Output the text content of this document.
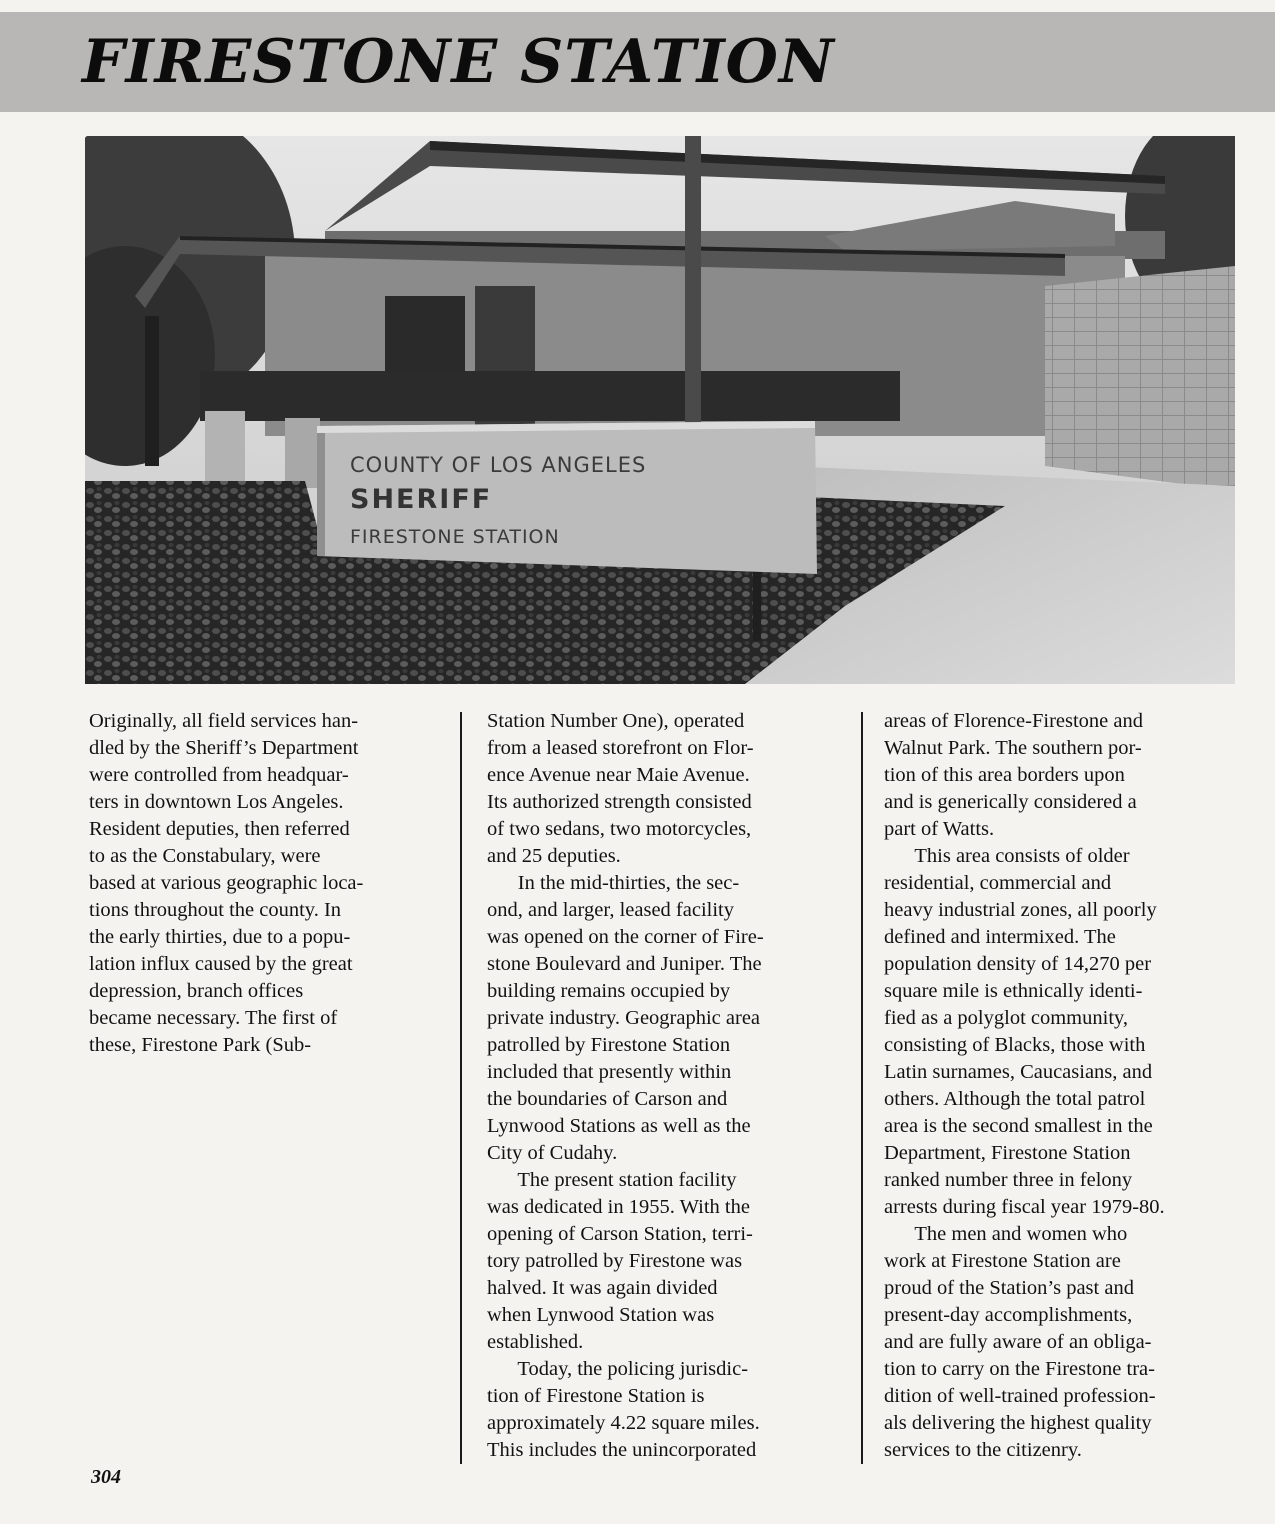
FIRESTONE STATION
COUNTY OF LOS ANGELES
SHERIFF
FIRESTONE STATION
Originally, all field services han-
dled by the Sheriff’s Department
were controlled from headquar-
ters in downtown Los Angeles.
Resident deputies, then referred
to as the Constabulary, were
based at various geographic loca-
tions throughout the county. In
the early thirties, due to a popu-
lation influx caused by the great
depression, branch offices
became necessary. The first of
these, Firestone Park (Sub-
Station Number One), operated
from a leased storefront on Flor-
ence Avenue near Maie Avenue.
Its authorized strength consisted
of two sedans, two motorcycles,
and 25 deputies.
In the mid-thirties, the sec-
ond, and larger, leased facility
was opened on the corner of Fire-
stone Boulevard and Juniper. The
building remains occupied by
private industry. Geographic area
patrolled by Firestone Station
included that presently within
the boundaries of Carson and
Lynwood Stations as well as the
City of Cudahy.
The present station facility
was dedicated in 1955. With the
opening of Carson Station, terri-
tory patrolled by Firestone was
halved. It was again divided
when Lynwood Station was
established.
Today, the policing jurisdic-
tion of Firestone Station is
approximately 4.22 square miles.
This includes the unincorporated
areas of Florence-Firestone and
Walnut Park. The southern por-
tion of this area borders upon
and is generically considered a
part of Watts.
This area consists of older
residential, commercial and
heavy industrial zones, all poorly
defined and intermixed. The
population density of 14,270 per
square mile is ethnically identi-
fied as a polyglot community,
consisting of Blacks, those with
Latin surnames, Caucasians, and
others. Although the total patrol
area is the second smallest in the
Department, Firestone Station
ranked number three in felony
arrests during fiscal year 1979-80.
The men and women who
work at Firestone Station are
proud of the Station’s past and
present-day accomplishments,
and are fully aware of an obliga-
tion to carry on the Firestone tra-
dition of well-trained profession-
als delivering the highest quality
services to the citizenry.
304
